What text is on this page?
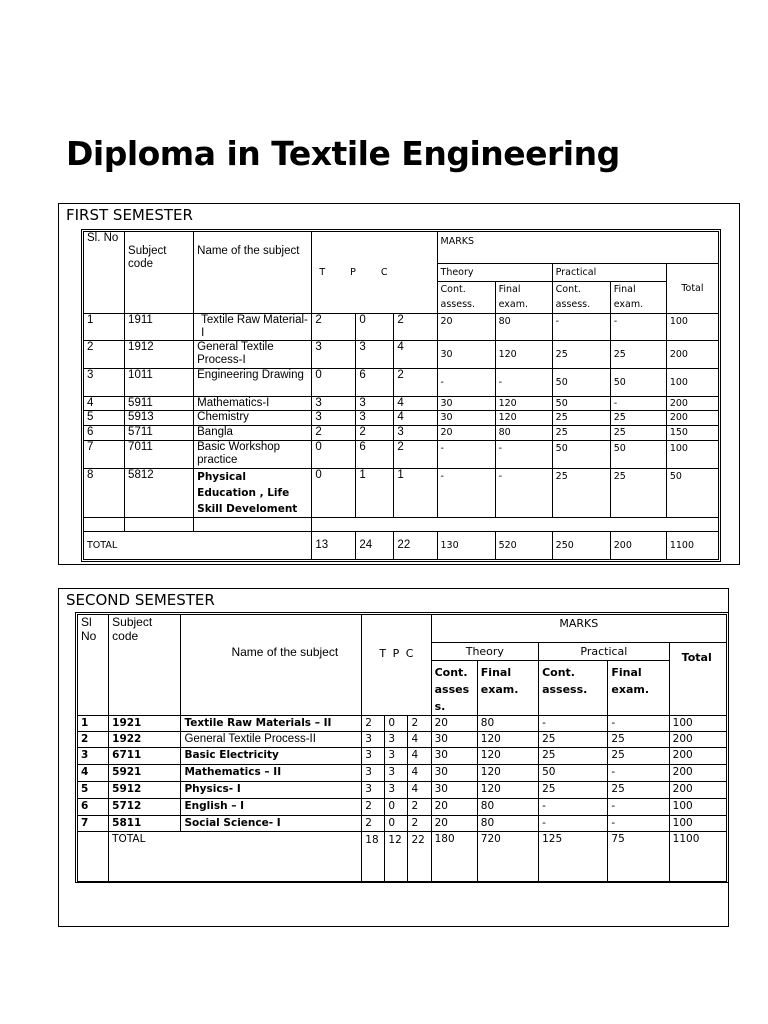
Diploma in Textile Engineering
FIRST SEMESTER
Sl. No	Subject code	Name of the subject	T P C			MARKS				
						Theory		Practical		Total
						Cont. assess.	Final exam.	Cont. assess.	Final exam.	
1	1911	Textile Raw Material-I	2	0	2	20	80	-	-	100
2	1912	General Textile Process-I	3	3	4	30	120	25	25	200
3	1011	Engineering Drawing	0	6	2	-	-	50	50	100
4	5911	Mathematics-I	3	3	4	30	120	50	-	200
5	5913	Chemistry	3	3	4	30	120	25	25	200
6	5711	Bangla	2	2	3	20	80	25	25	150
7	7011	Basic Workshop practice	0	6	2	-	-	50	50	100
8	5812	Physical Education , Life Skill Develoment	0	1	1	-	-	25	25	50

TOTAL			13	24	22	130	520	250	200	1100
SECOND SEMESTER
Sl No	Subject code	Name of the subject	T P C			MARKS				
						Theory		Practical		Total
						Cont. asses s.	Final exam.	Cont. assess.	Final exam.	
1	1921	Textile Raw Materials – II	2	0	2	20	80	-	-	100
2	1922	General Textile Process-II	3	3	4	30	120	25	25	200
3	6711	Basic Electricity	3	3	4	30	120	25	25	200
4	5921	Mathematics – II	3	3	4	30	120	50	-	200
5	5912	Physics- I	3	3	4	30	120	25	25	200
6	5712	English – I	2	0	2	20	80	-	-	100
7	5811	Social Science- I	2	0	2	20	80	-	-	100
	TOTAL		18	12	22	180	720	125	75	1100
